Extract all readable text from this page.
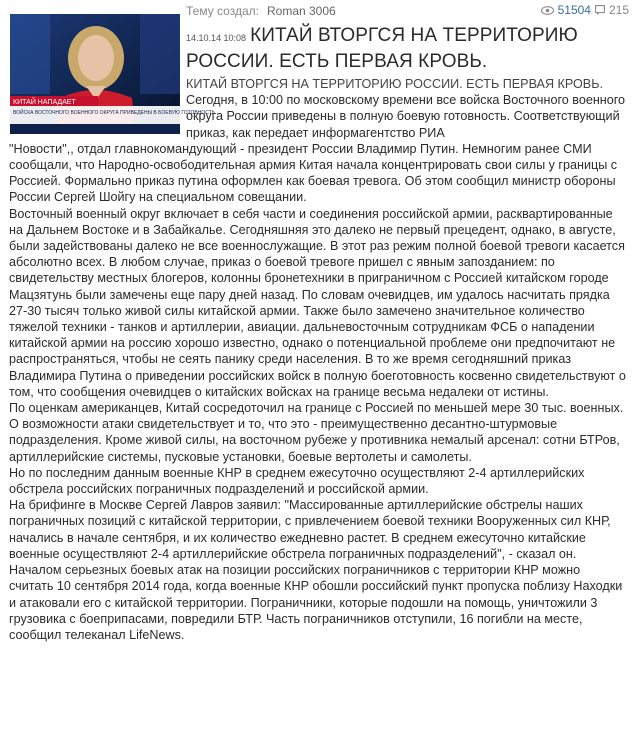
Тему создал: Roman 3006	51504 215
КИТАЙ НАПАДАЕТ
ВОЙСКА ВОСТОЧНОГО ВОЕННОГО ОКРУГА ПРИВЕДЕНЫ В БОЕВУЮ ГОТОВНОСТЬ
14.10.14 10:08 КИТАЙ ВТОРГСЯ НА ТЕРРИТОРИЮ РОССИИ. ЕСТЬ ПЕРВАЯ КРОВЬ.

КИТАЙ ВТОРГСЯ НА ТЕРРИТОРИЮ РОССИИ. ЕСТЬ ПЕРВАЯ КРОВЬ.

Сегодня, в 10:00 по московскому времени все войска Восточного военного округа России приведены в полную боевую готовность. Соответствующий приказ, как передает информагентство РИА

"Новости",, отдал главнокомандующий - президент России Владимир Путин. Немногим ранее СМИ сообщали, что Народно-освободительная армия Китая начала концентрировать свои силы у границы с Россией. Формально приказ путина оформлен как боевая тревога. Об этом сообщил министр обороны России Сергей Шойгу на специальном совещании.

Восточный военный округ включает в себя части и соединения российской армии, расквартированные на Дальнем Востоке и в Забайкалье. Сегодняшняя это далеко не первый прецедент, однако, в августе, были задействованы далеко не все военнослужащие. В этот раз режим полной боевой тревоги касается абсолютно всех. В любом случае, приказ о боевой тревоге пришел с явным запозданием: по свидетельству местных блогеров, колонны бронетехники в приграничном с Россией китайском городе Мацзятунь были замечены еще пару дней назад. По словам очевидцев, им удалось насчитать прядка 27-30 тысяч только живой силы китайской армии. Также было замечено значительное количество тяжелой техники - танков и артиллерии, авиации. дальневосточным сотрудникам ФСБ о нападении китайской армии на россию хорошо известно, однако о потенциальной проблеме они предпочитают не распространяться, чтобы не сеять панику среди населения. В то же время сегодняшний приказ Владимира Путина о приведении российских войск в полную боеготовность косвенно свидетельствуют о том, что сообщения очевидцев о китайских войсках на границе весьма недалеки от истины.

По оценкам американцев, Китай сосредоточил на границе с Россией по меньшей мере 30 тыс. военных. О возможности атаки свидетельствует и то, что это - преимущественно десантно-штурмовые подразделения. Кроме живой силы, на восточном рубеже у противника немалый арсенал: сотни БТРов, артиллерийские системы, пусковые установки, боевые вертолеты и самолеты.

Но по последним данным военные КНР в среднем ежесуточно осуществляют 2-4 артиллерийских обстрела российских пограничных подразделений и российской армии.

На брифинге в Москве Сергей Лавров заявил: "Массированные артиллерийские обстрелы наших пограничных позиций с китайской территории, с привлечением боевой техники Вооруженных сил КНР, начались в начале сентября, и их количество ежедневно растет. В среднем ежесуточно китайские военные осуществляют 2-4 артиллерийские обстрела пограничных подразделений", - сказал он. Началом серьезных боевых атак на позиции российских пограничников с территории КНР можно считать 10 сентября 2014 года, когда военные КНР обошли российский пункт пропуска поблизу Находки и атаковали его с китайской территории. Пограничники, которые подошли на помощь, уничтожили 3 грузовика с боеприпасами, повредили БТР. Часть пограничников отступили, 16 погибли на месте, сообщил телеканал LifeNews.
